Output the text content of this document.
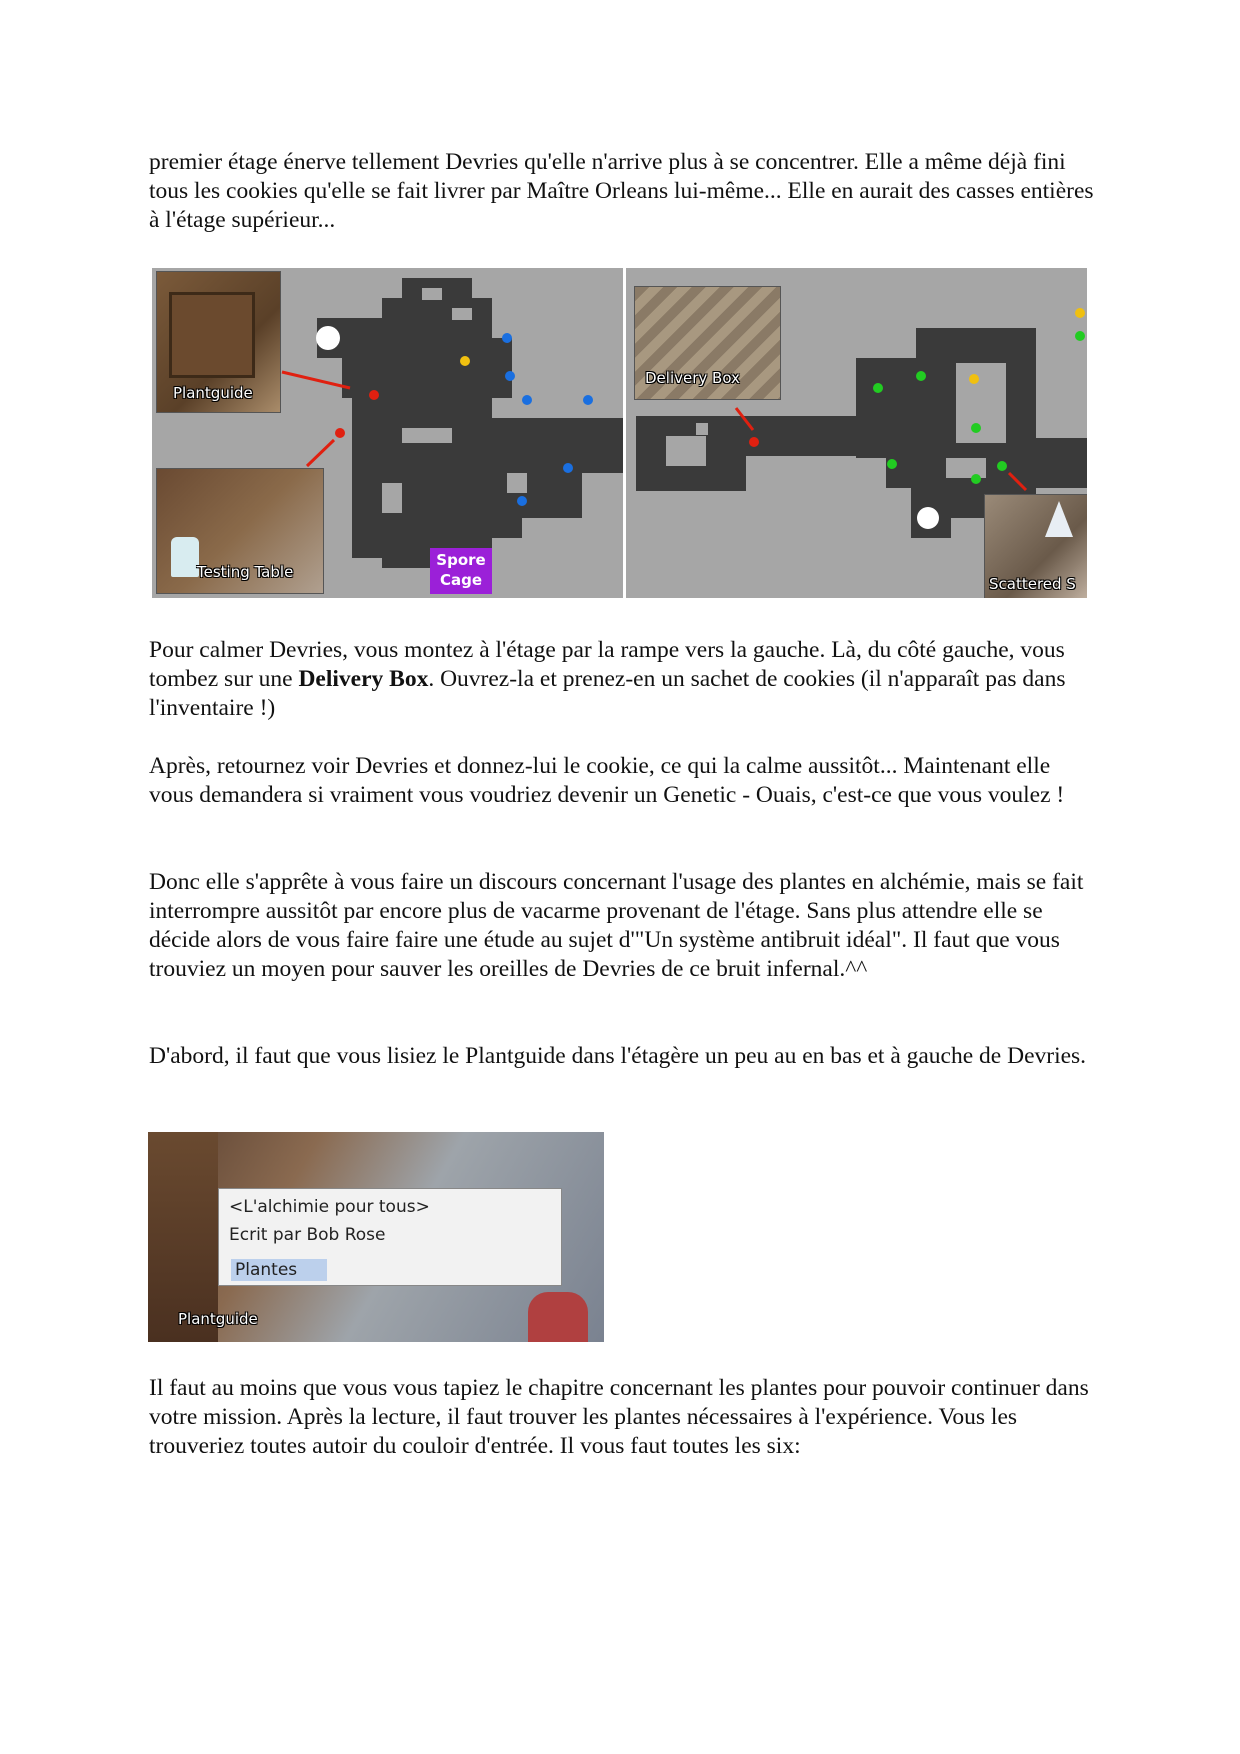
premier étage énerve tellement Devries qu'elle n'arrive plus à se concentrer. Elle a même déjà fini tous les cookies qu'elle se fait livrer par Maître Orleans lui-même... Elle en aurait des casses entières à l'étage supérieur...

Plantguide
Testing Table
Spore
Cage
Delivery Box
Scattered S

Pour calmer Devries, vous montez à l'étage par la rampe vers la gauche. Là, du côté gauche, vous tombez sur une Delivery Box. Ouvrez-la et prenez-en un sachet de cookies (il n'apparaît pas dans l'inventaire !)

Après, retournez voir Devries et donnez-lui le cookie, ce qui la calme aussitôt... Maintenant elle vous demandera si vraiment vous voudriez devenir un Genetic - Ouais, c'est-ce que vous voulez !

Donc elle s'apprête à vous faire un discours concernant l'usage des plantes en alchémie, mais se fait interrompre aussitôt par encore plus de vacarme provenant de l'étage. Sans plus attendre elle se décide alors de vous faire faire une étude au sujet d'"Un système antibruit idéal". Il faut que vous trouviez un moyen pour sauver les oreilles de Devries de ce bruit infernal.^^

D'abord, il faut que vous lisiez le Plantguide dans l'étagère un peu au en bas et à gauche de Devries.

<L'alchimie pour tous>
Ecrit par Bob Rose
Plantes
Plantguide

Il faut au moins que vous vous tapiez le chapitre concernant les plantes pour pouvoir continuer dans votre mission. Après la lecture, il faut trouver les plantes nécessaires à l'expérience. Vous les trouveriez toutes autoir du couloir d'entrée. Il vous faut toutes les six:
